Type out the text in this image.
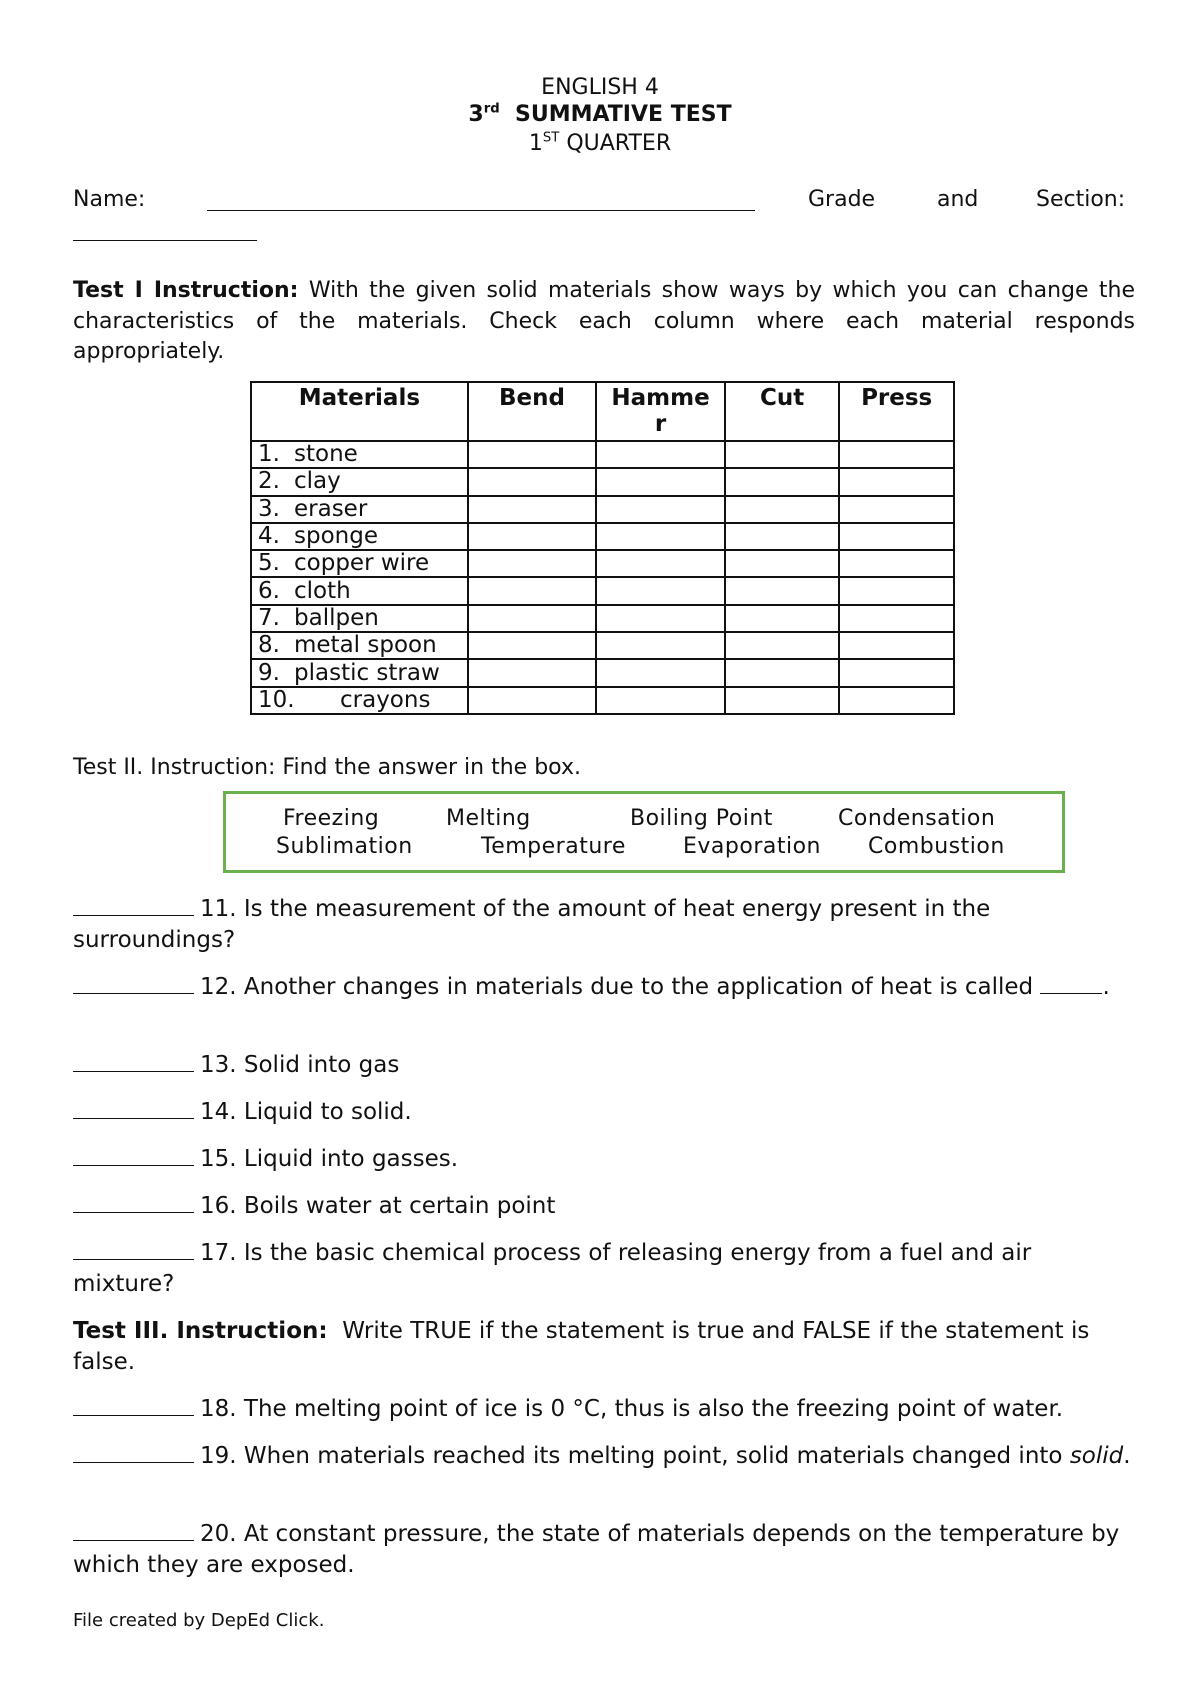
ENGLISH 4
3rd SUMMATIVE TEST
1ST QUARTER
Name:	Grade	and	Section:
Test I Instruction: With the given solid materials show ways by which you can change the characteristics of the materials. Check each column where each material responds appropriately.
Materials	Bend	Hammer	Cut	Press
1. stone				
2. clay				
3. eraser				
4. sponge				
5. copper wire				
6. cloth				
7. ballpen				
8. metal spoon				
9. plastic straw				
10. crayons				
Test II. Instruction: Find the answer in the box.
Freezing	Melting	Boiling Point	Condensation
Sublimation	Temperature	Evaporation Combustion
11. Is the measurement of the amount of heat energy present in the surroundings?
12. Another changes in materials due to the application of heat is called	.
13. Solid into gas
14. Liquid to solid.
15. Liquid into gasses.
16. Boils water at certain point
17. Is the basic chemical process of releasing energy from a fuel and air mixture?
Test III. Instruction: Write TRUE if the statement is true and FALSE if the statement is false.
18. The melting point of ice is 0 °C, thus is also the freezing point of water.
19. When materials reached its melting point, solid materials changed into solid.
20. At constant pressure, the state of materials depends on the temperature by which they are exposed.
File created by DepEd Click.
